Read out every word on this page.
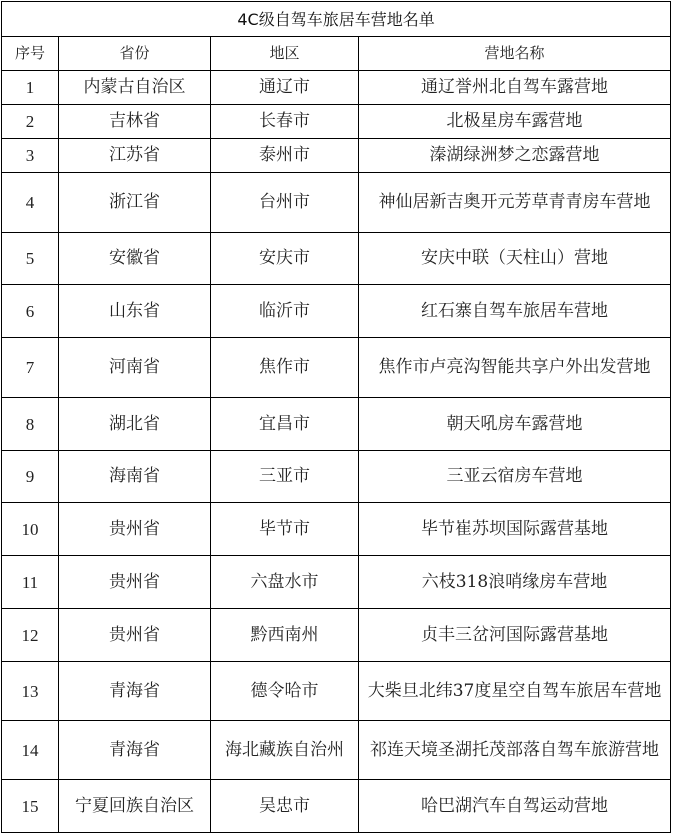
4C级自驾车旅居车营地名单			
序号	省份	地区	营地名称
1	内蒙古自治区	通辽市	通辽誉州北自驾车露营地
2	吉林省	长春市	北极星房车露营地
3	江苏省	泰州市	溱湖绿洲梦之恋露营地
4	浙江省	台州市	神仙居新吉奥开元芳草青青房车营地
5	安徽省	安庆市	安庆中联（天柱山）营地
6	山东省	临沂市	红石寨自驾车旅居车营地
7	河南省	焦作市	焦作市卢亮沟智能共享户外出发营地
8	湖北省	宜昌市	朝天吼房车露营地
9	海南省	三亚市	三亚云宿房车营地
10	贵州省	毕节市	毕节崔苏坝国际露营基地
11	贵州省	六盘水市	六枝318浪哨缘房车营地
12	贵州省	黔西南州	贞丰三岔河国际露营基地
13	青海省	德令哈市	大柴旦北纬37度星空自驾车旅居车营地
14	青海省	海北藏族自治州	祁连天境圣湖托茂部落自驾车旅游营地
15	宁夏回族自治区	吴忠市	哈巴湖汽车自驾运动营地
